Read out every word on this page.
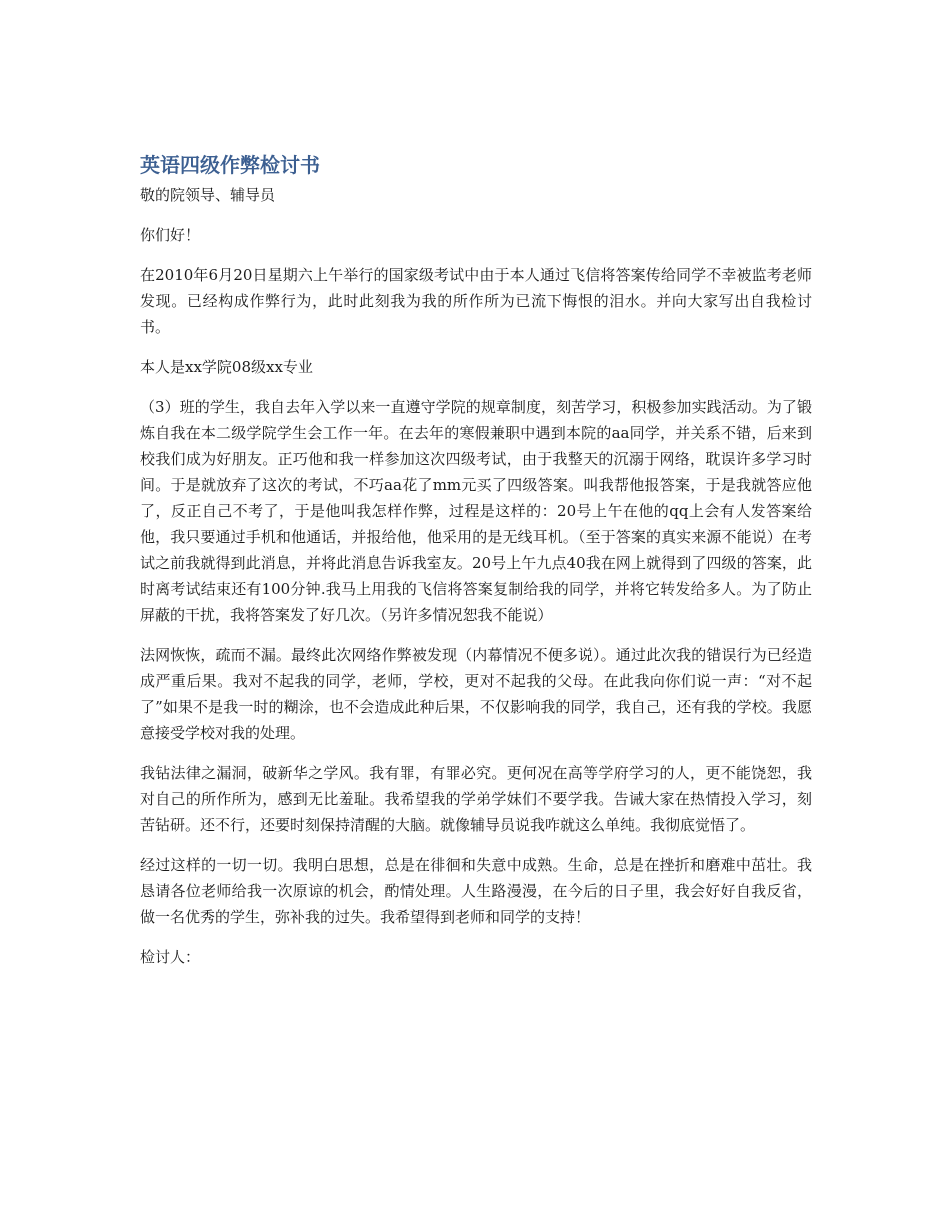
英语四级作弊检讨书

敬的院领导、辅导员

你们好！

在2010年6月20日星期六上午举行的国家级考试中由于本人通过飞信将答案传给同学不幸被监考老师发现。已经构成作弊行为，此时此刻我为我的所作所为已流下悔恨的泪水。并向大家写出自我检讨书。

本人是xx学院08级xx专业

（3）班的学生，我自去年入学以来一直遵守学院的规章制度，刻苦学习，积极参加实践活动。为了锻炼自我在本二级学院学生会工作一年。在去年的寒假兼职中遇到本院的aa同学，并关系不错，后来到校我们成为好朋友。正巧他和我一样参加这次四级考试，由于我整天的沉溺于网络，耽误许多学习时间。于是就放弃了这次的考试，不巧aa花了mm元买了四级答案。叫我帮他报答案，于是我就答应他了，反正自己不考了，于是他叫我怎样作弊，过程是这样的：20号上午在他的qq上会有人发答案给他，我只要通过手机和他通话，并报给他，他采用的是无线耳机。（至于答案的真实来源不能说）在考试之前我就得到此消息，并将此消息告诉我室友。20号上午九点40我在网上就得到了四级的答案，此时离考试结束还有100分钟.我马上用我的飞信将答案复制给我的同学，并将它转发给多人。为了防止屏蔽的干扰，我将答案发了好几次。（另许多情况恕我不能说）

法网恢恢，疏而不漏。最终此次网络作弊被发现（内幕情况不便多说）。通过此次我的错误行为已经造成严重后果。我对不起我的同学，老师，学校，更对不起我的父母。在此我向你们说一声：“对不起了”如果不是我一时的糊涂，也不会造成此种后果，不仅影响我的同学，我自己，还有我的学校。我愿意接受学校对我的处理。

我钻法律之漏洞，破新华之学风。我有罪，有罪必究。更何况在高等学府学习的人，更不能饶恕，我对自己的所作所为，感到无比羞耻。我希望我的学弟学妹们不要学我。告诫大家在热情投入学习，刻苦钻研。还不行，还要时刻保持清醒的大脑。就像辅导员说我咋就这么单纯。我彻底觉悟了。

经过这样的一切一切。我明白思想，总是在徘徊和失意中成熟。生命，总是在挫折和磨难中茁壮。我恳请各位老师给我一次原谅的机会，酌情处理。人生路漫漫，在今后的日子里，我会好好自我反省，做一名优秀的学生，弥补我的过失。我希望得到老师和同学的支持！

检讨人：
